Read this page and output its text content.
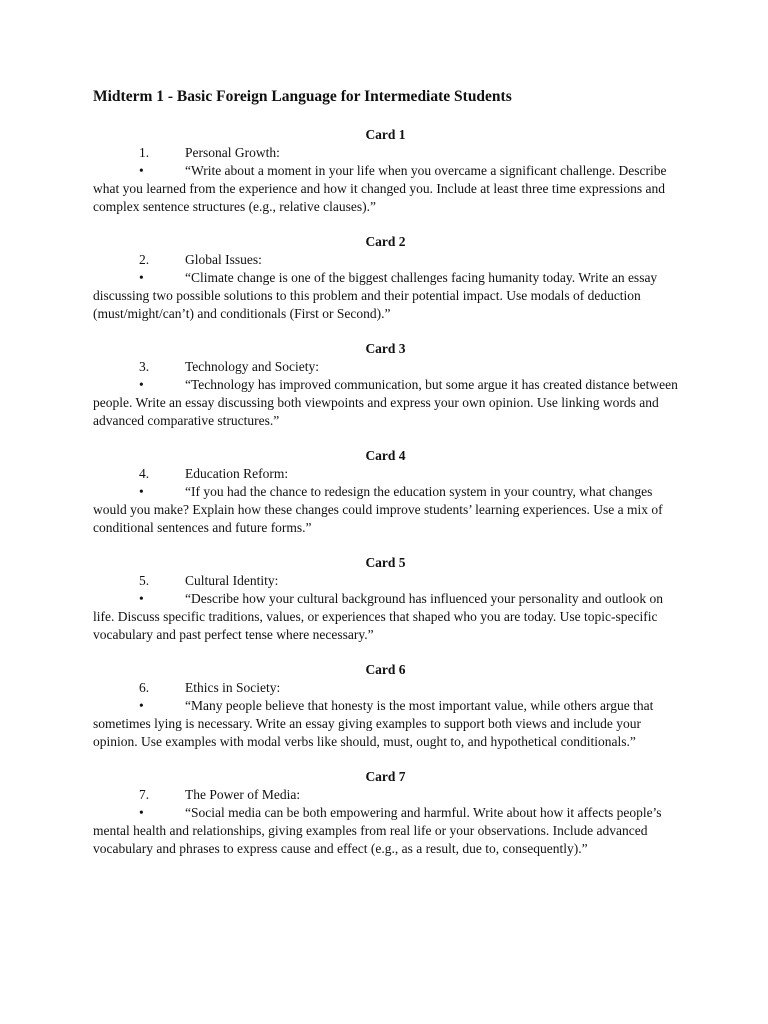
Midterm 1 - Basic Foreign Language for Intermediate Students
Card 1
1.	Personal Growth:

•	“Write about a moment in your life when you overcame a significant challenge. Describe what you learned from the experience and how it changed you. Include at least three time expressions and complex sentence structures (e.g., relative clauses).”

Card 2
2.	Global Issues:

•	“Climate change is one of the biggest challenges facing humanity today. Write an essay discussing two possible solutions to this problem and their potential impact. Use modals of deduction (must/might/can’t) and conditionals (First or Second).”

Card 3
3.	Technology and Society:

•	“Technology has improved communication, but some argue it has created distance between people. Write an essay discussing both viewpoints and express your own opinion. Use linking words and advanced comparative structures.”

Card 4
4.	Education Reform:

•	“If you had the chance to redesign the education system in your country, what changes would you make? Explain how these changes could improve students’ learning experiences. Use a mix of conditional sentences and future forms.”

Card 5
5.	Cultural Identity:

•	“Describe how your cultural background has influenced your personality and outlook on life. Discuss specific traditions, values, or experiences that shaped who you are today. Use topic-specific vocabulary and past perfect tense where necessary.”

Card 6
6.	Ethics in Society:

•	“Many people believe that honesty is the most important value, while others argue that sometimes lying is necessary. Write an essay giving examples to support both views and include your opinion. Use examples with modal verbs like should, must, ought to, and hypothetical conditionals.”

Card 7
7.	The Power of Media:

•	“Social media can be both empowering and harmful. Write about how it affects people’s mental health and relationships, giving examples from real life or your observations. Include advanced vocabulary and phrases to express cause and effect (e.g., as a result, due to, consequently).”
